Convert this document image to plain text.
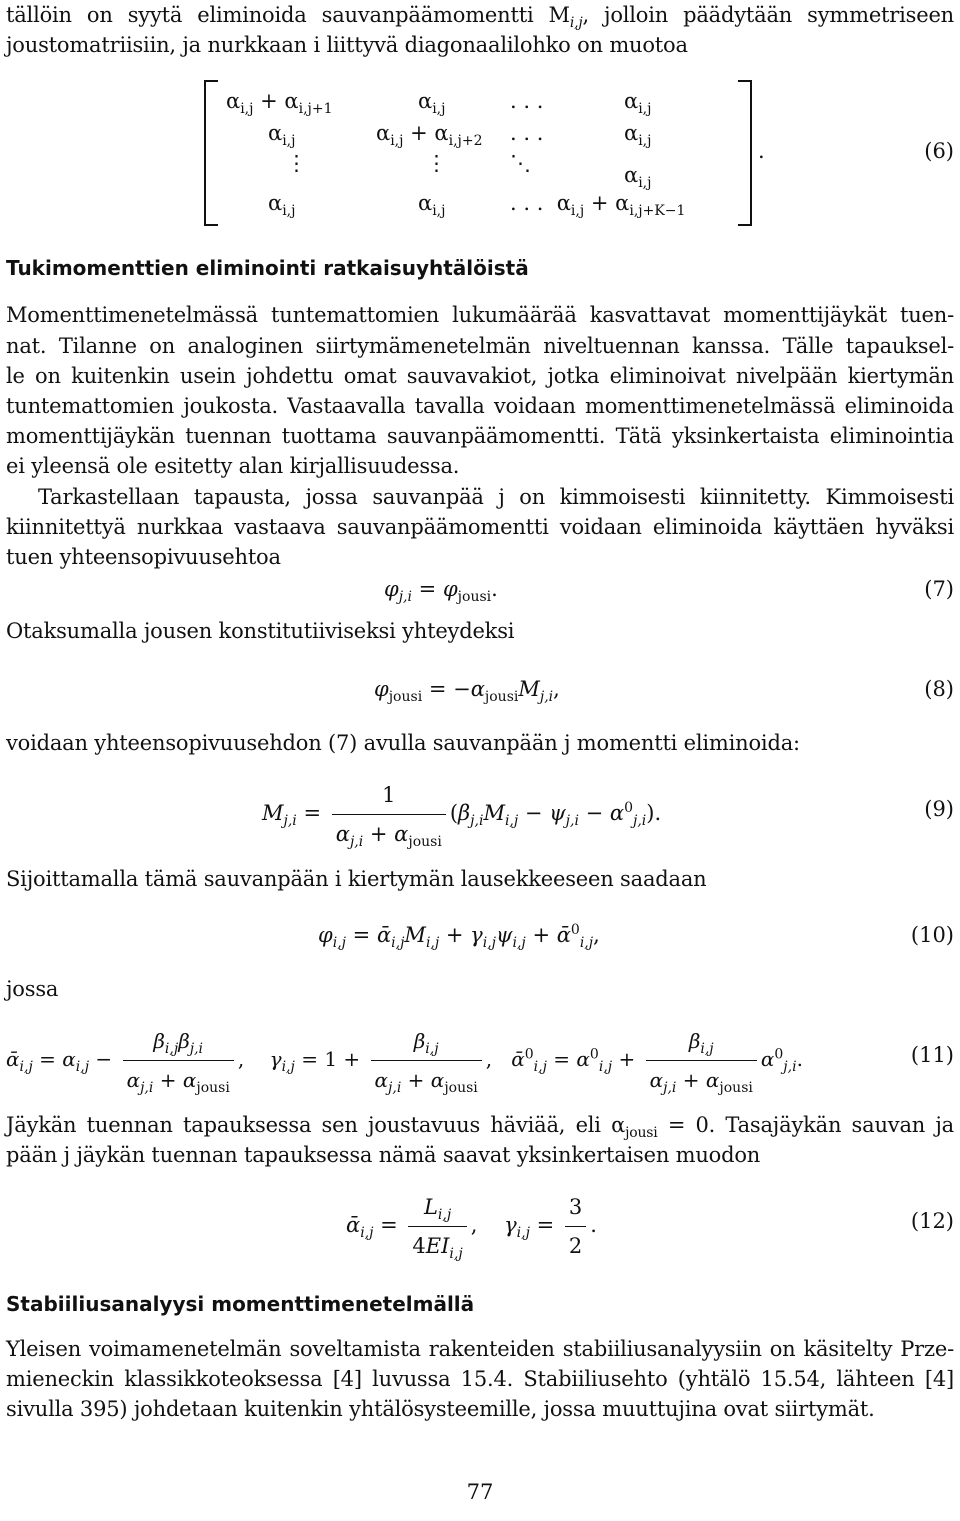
tällöin on syytä eliminoida sauvanpäämomentti $M_{i,j}$, jolloin päädytään symmetriseen
joustomatriisiin, ja nurkkaan i liittyvä diagonaalilohko on muotoa
$\alpha_{i,j} + \alpha_{i,j+1}$	$\alpha_{i,j}$	. . .	$\alpha_{i,j}$
$\alpha_{i,j}$	$\alpha_{i,j} + \alpha_{i,j+2}$ . . .	$\alpha_{i,j}$
⋮	⋮	⋱	$\alpha_{i,j}$
$\alpha_{i,j}$	$\alpha_{i,j}$	. . .  $\alpha_{i,j} + \alpha_{i,j+K-1}$
.	(6)
Tukimomenttien eliminointi ratkaisuyhtälöistä
Momenttimenetelmässä tuntemattomien lukumäärää kasvattavat momenttijäykät tuen-
nat. Tilanne on analoginen siirtymämenetelmän niveltuennan kanssa. Tälle tapauksel-
le on kuitenkin usein johdettu omat sauvavakiot, jotka eliminoivat nivelpään kiertymän
tuntemattomien joukosta. Vastaavalla tavalla voidaan momenttimenetelmässä eliminoida
momenttijäykän tuennan tuottama sauvanpäämomentti. Tätä yksinkertaista eliminointia
ei yleensä ole esitetty alan kirjallisuudessa.
Tarkastellaan tapausta, jossa sauvanpää j on kimmoisesti kiinnitetty. Kimmoisesti
kiinnitettyä nurkkaa vastaava sauvanpäämomentti voidaan eliminoida käyttäen hyväksi
tuen yhteensopivuusehtoa
$\varphi_{j,i} = \varphi_{jousi}$.	(7)
Otaksumalla jousen konstitutiiviseksi yhteydeksi
$\varphi_{jousi} = -\alpha_{jousi}M_{j,i}$,	(8)
voidaan yhteensopivuusehdon (7) avulla sauvanpään j momentti eliminoida:
$M_{j,i} = \frac{1}{\alpha_{j,i} + \alpha_{jousi}} (\beta_{j,i}M_{i,j} - \psi_{j,i} - \alpha^0_{j,i})$.	(9)
Sijoittamalla tämä sauvanpään i kiertymän lausekkeeseen saadaan
$\varphi_{i,j}$ = $ᾱ_{i,j}M_{i,j} + \gamma_{i,j}\psi_{i,j}$ + ᾱ$^0_{i,j}$,	(10)
jossa
ᾱ$_{i,j}$ = $\alpha_{i,j} - \frac{\beta_{i,j}\beta_{j,i}}{\alpha_{j,i} + \alpha_{jousi}}$ ,    $\gamma_{i,j} = 1 + \frac{\beta_{i,j}}{\alpha_{j,i} + \alpha_{jousi}}$ ,   ᾱ$^0_{i,j}$ = $\alpha^0_{i,j} + \frac{\beta_{i,j}}{\alpha_{j,i} + \alpha_{jousi}} \alpha^0_{j,i}$.	(11)
Jäykän tuennan tapauksessa sen joustavuus häviää, eli $\alpha_{jousi} = 0$. Tasajäykän sauvan ja
pään j jäykän tuennan tapauksessa nämä saavat yksinkertaisen muodon
ᾱ$_{i,j}$ = $\frac{L_{i,j}}{4EI_{i,j}}$ ,    $\gamma_{i,j} = \frac{3}{2}$ .	(12)
Stabiiliusanalyysi momenttimenetelmällä
Yleisen voimamenetelmän soveltamista rakenteiden stabiiliusanalyysiin on käsitelty Prze-
mieneckin klassikkoteoksessa [4] luvussa 15.4. Stabiiliusehto (yhtälö 15.54, lähteen [4]
sivulla 395) johdetaan kuitenkin yhtälösysteemille, jossa muuttujina ovat siirtymät.
77
